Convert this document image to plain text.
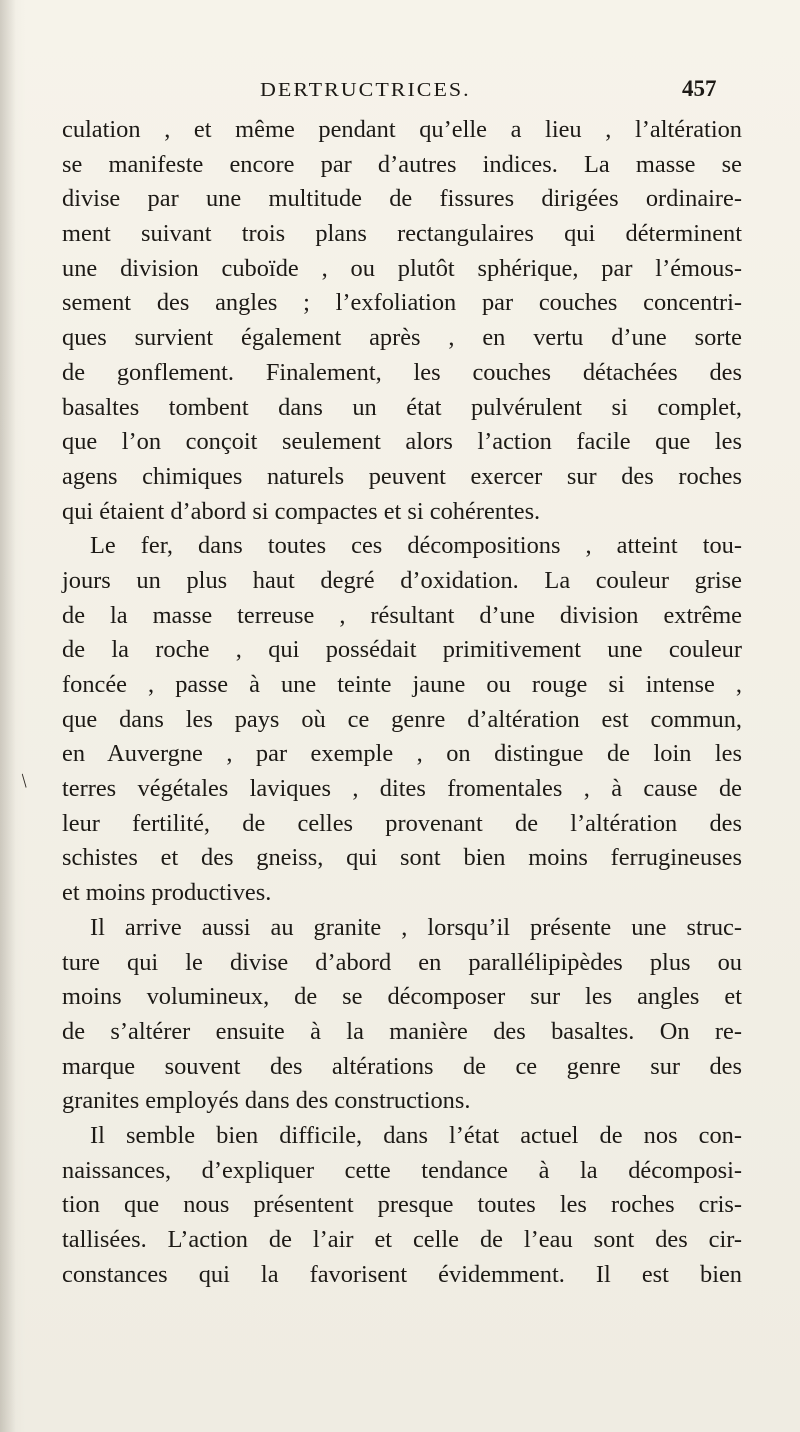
DERTRUCTRICES.	457
culation , et même pendant qu’elle a lieu , l’altération
se manifeste encore par d’autres indices. La masse se
divise par une multitude de fissures dirigées ordinaire-
ment suivant trois plans rectangulaires qui déterminent
une division cuboïde , ou plutôt sphérique, par l’émous-
sement des angles ; l’exfoliation par couches concentri-
ques survient également après , en vertu d’une sorte
de gonflement. Finalement, les couches détachées des
basaltes tombent dans un état pulvérulent si complet,
que l’on conçoit seulement alors l’action facile que les
agens chimiques naturels peuvent exercer sur des roches
qui étaient d’abord si compactes et si cohérentes.
Le fer, dans toutes ces décompositions , atteint tou-
jours un plus haut degré d’oxidation. La couleur grise
de la masse terreuse , résultant d’une division extrême
de la roche , qui possédait primitivement une couleur
foncée , passe à une teinte jaune ou rouge si intense ,
que dans les pays où ce genre d’altération est commun,
en Auvergne , par exemple , on distingue de loin les
terres végétales laviques , dites fromentales , à cause de
leur fertilité, de celles provenant de l’altération des
schistes et des gneiss, qui sont bien moins ferrugineuses
et moins productives.
Il arrive aussi au granite , lorsqu’il présente une struc-
ture qui le divise d’abord en parallélipipèdes plus ou
moins volumineux, de se décomposer sur les angles et
de s’altérer ensuite à la manière des basaltes. On re-
marque souvent des altérations de ce genre sur des
granites employés dans des constructions.
Il semble bien difficile, dans l’état actuel de nos con-
naissances, d’expliquer cette tendance à la décomposi-
tion que nous présentent presque toutes les roches cris-
tallisées. L’action de l’air et celle de l’eau sont des cir-
constances qui la favorisent évidemment. Il est bien
/
